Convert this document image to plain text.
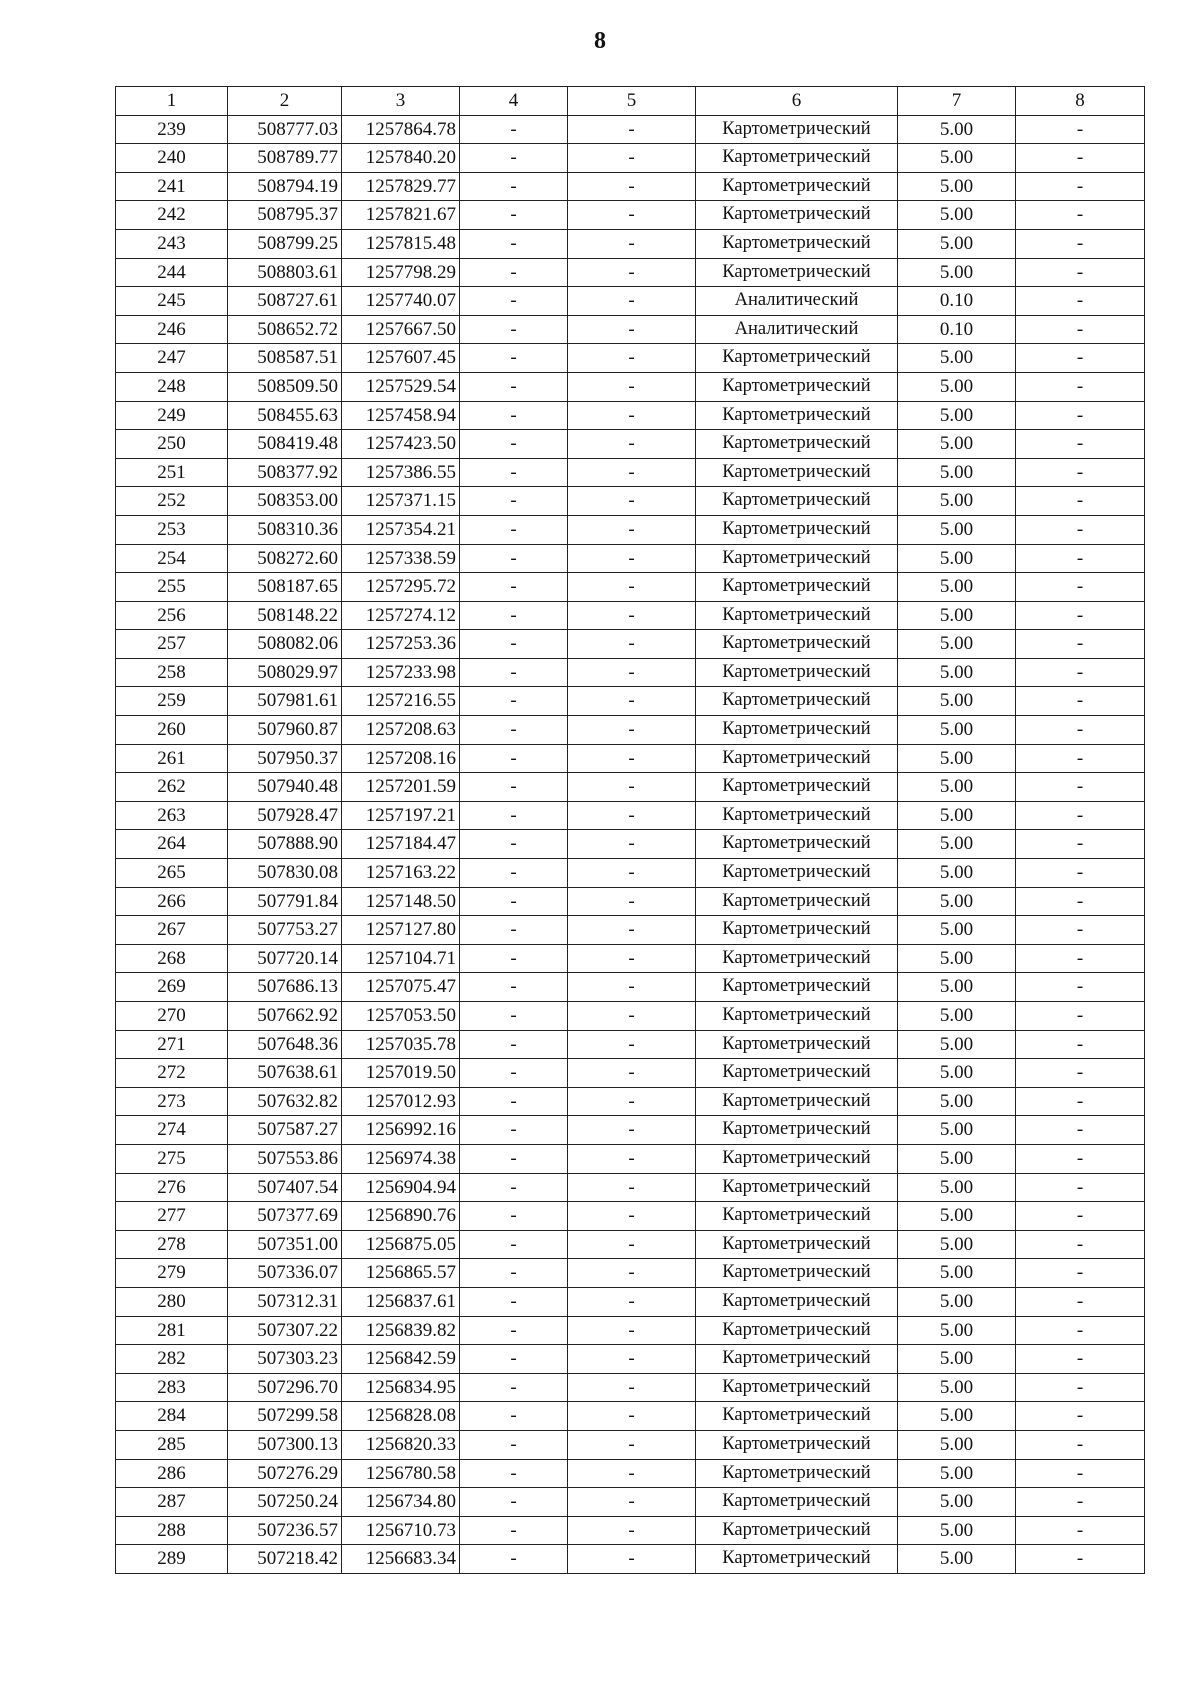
8
1	2	3	4	5	6	7	8
239	508777.03	1257864.78	-	-	Картометрический	5.00	-
240	508789.77	1257840.20	-	-	Картометрический	5.00	-
241	508794.19	1257829.77	-	-	Картометрический	5.00	-
242	508795.37	1257821.67	-	-	Картометрический	5.00	-
243	508799.25	1257815.48	-	-	Картометрический	5.00	-
244	508803.61	1257798.29	-	-	Картометрический	5.00	-
245	508727.61	1257740.07	-	-	Аналитический	0.10	-
246	508652.72	1257667.50	-	-	Аналитический	0.10	-
247	508587.51	1257607.45	-	-	Картометрический	5.00	-
248	508509.50	1257529.54	-	-	Картометрический	5.00	-
249	508455.63	1257458.94	-	-	Картометрический	5.00	-
250	508419.48	1257423.50	-	-	Картометрический	5.00	-
251	508377.92	1257386.55	-	-	Картометрический	5.00	-
252	508353.00	1257371.15	-	-	Картометрический	5.00	-
253	508310.36	1257354.21	-	-	Картометрический	5.00	-
254	508272.60	1257338.59	-	-	Картометрический	5.00	-
255	508187.65	1257295.72	-	-	Картометрический	5.00	-
256	508148.22	1257274.12	-	-	Картометрический	5.00	-
257	508082.06	1257253.36	-	-	Картометрический	5.00	-
258	508029.97	1257233.98	-	-	Картометрический	5.00	-
259	507981.61	1257216.55	-	-	Картометрический	5.00	-
260	507960.87	1257208.63	-	-	Картометрический	5.00	-
261	507950.37	1257208.16	-	-	Картометрический	5.00	-
262	507940.48	1257201.59	-	-	Картометрический	5.00	-
263	507928.47	1257197.21	-	-	Картометрический	5.00	-
264	507888.90	1257184.47	-	-	Картометрический	5.00	-
265	507830.08	1257163.22	-	-	Картометрический	5.00	-
266	507791.84	1257148.50	-	-	Картометрический	5.00	-
267	507753.27	1257127.80	-	-	Картометрический	5.00	-
268	507720.14	1257104.71	-	-	Картометрический	5.00	-
269	507686.13	1257075.47	-	-	Картометрический	5.00	-
270	507662.92	1257053.50	-	-	Картометрический	5.00	-
271	507648.36	1257035.78	-	-	Картометрический	5.00	-
272	507638.61	1257019.50	-	-	Картометрический	5.00	-
273	507632.82	1257012.93	-	-	Картометрический	5.00	-
274	507587.27	1256992.16	-	-	Картометрический	5.00	-
275	507553.86	1256974.38	-	-	Картометрический	5.00	-
276	507407.54	1256904.94	-	-	Картометрический	5.00	-
277	507377.69	1256890.76	-	-	Картометрический	5.00	-
278	507351.00	1256875.05	-	-	Картометрический	5.00	-
279	507336.07	1256865.57	-	-	Картометрический	5.00	-
280	507312.31	1256837.61	-	-	Картометрический	5.00	-
281	507307.22	1256839.82	-	-	Картометрический	5.00	-
282	507303.23	1256842.59	-	-	Картометрический	5.00	-
283	507296.70	1256834.95	-	-	Картометрический	5.00	-
284	507299.58	1256828.08	-	-	Картометрический	5.00	-
285	507300.13	1256820.33	-	-	Картометрический	5.00	-
286	507276.29	1256780.58	-	-	Картометрический	5.00	-
287	507250.24	1256734.80	-	-	Картометрический	5.00	-
288	507236.57	1256710.73	-	-	Картометрический	5.00	-
289	507218.42	1256683.34	-	-	Картометрический	5.00	-
